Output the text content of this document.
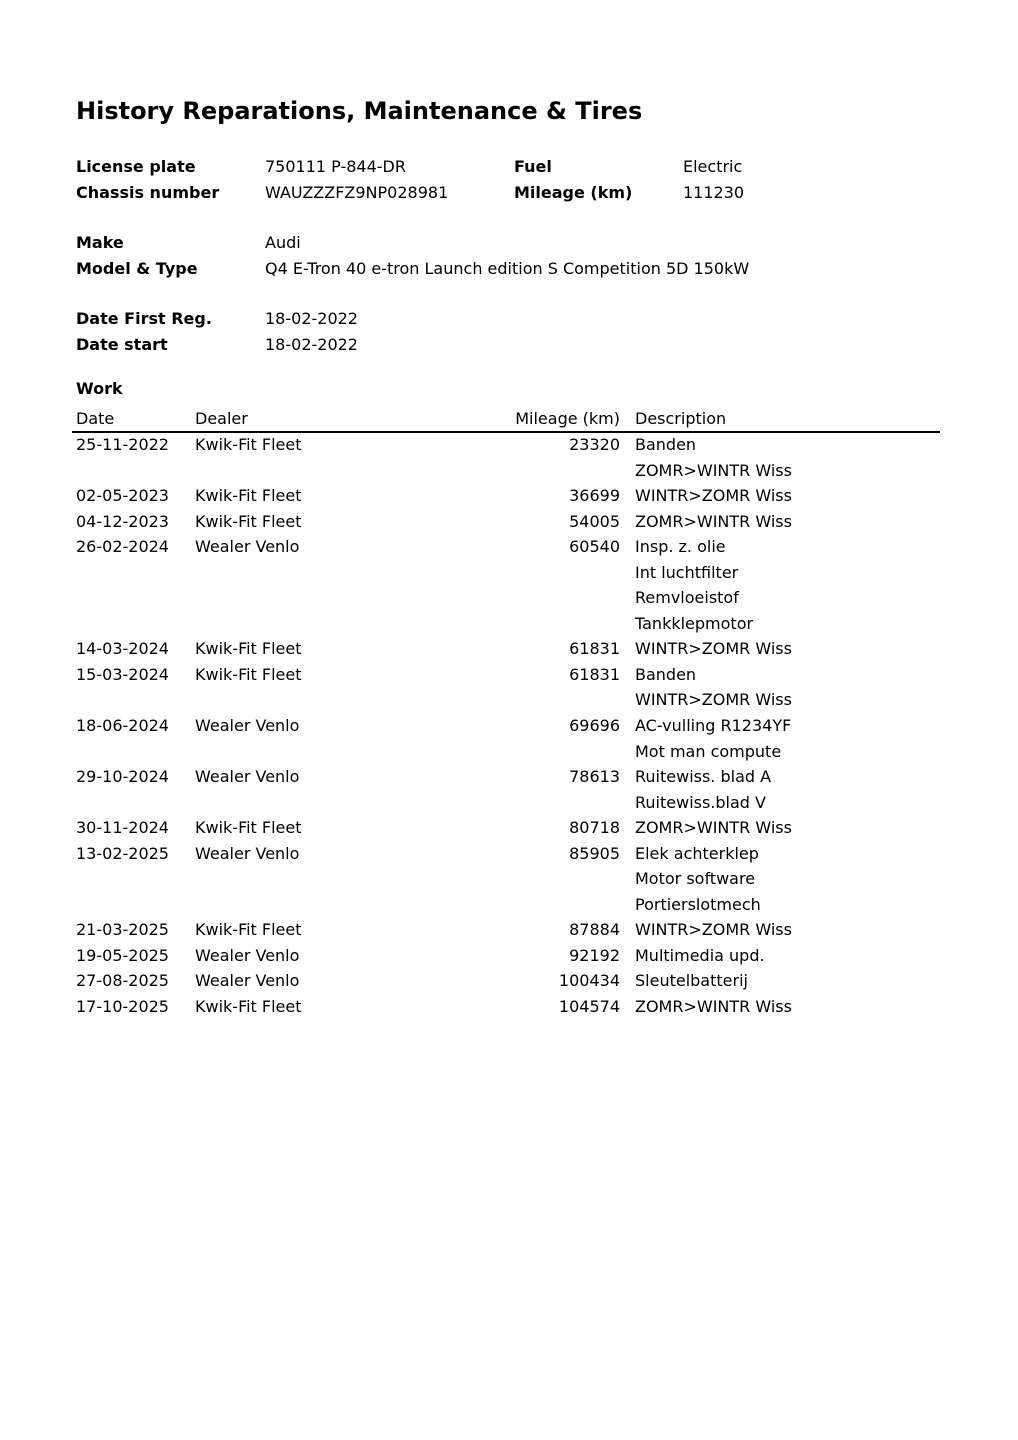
History Reparations, Maintenance & Tires
License plate	750111 P-844-DR	Fuel	Electric
Chassis number	WAUZZZFZ9NP028981	Mileage (km)	111230
Make	Audi
Model & Type	Q4 E-Tron 40 e-tron Launch edition S Competition 5D 150kW
Date First Reg.	18-02-2022
Date start	18-02-2022
Work
Date	Dealer	Mileage (km) Description
25-11-2022 Kwik-Fit Fleet	23320 Banden
ZOMR>WINTR Wiss
02-05-2023 Kwik-Fit Fleet	36699 WINTR>ZOMR Wiss
04-12-2023 Kwik-Fit Fleet	54005 ZOMR>WINTR Wiss
26-02-2024 Wealer Venlo	60540 Insp. z. olie
Int luchtfilter
Remvloeistof
Tankklepmotor
14-03-2024 Kwik-Fit Fleet	61831 WINTR>ZOMR Wiss
15-03-2024 Kwik-Fit Fleet	61831 Banden
WINTR>ZOMR Wiss
18-06-2024 Wealer Venlo	69696 AC-vulling R1234YF
Mot man compute
29-10-2024 Wealer Venlo	78613 Ruitewiss. blad A
Ruitewiss.blad V
30-11-2024 Kwik-Fit Fleet	80718 ZOMR>WINTR Wiss
13-02-2025 Wealer Venlo	85905 Elek achterklep
Motor software
Portierslotmech
21-03-2025 Kwik-Fit Fleet	87884 WINTR>ZOMR Wiss
19-05-2025 Wealer Venlo	92192 Multimedia upd.
27-08-2025 Wealer Venlo	100434 Sleutelbatterij
17-10-2025 Kwik-Fit Fleet	104574 ZOMR>WINTR Wiss
